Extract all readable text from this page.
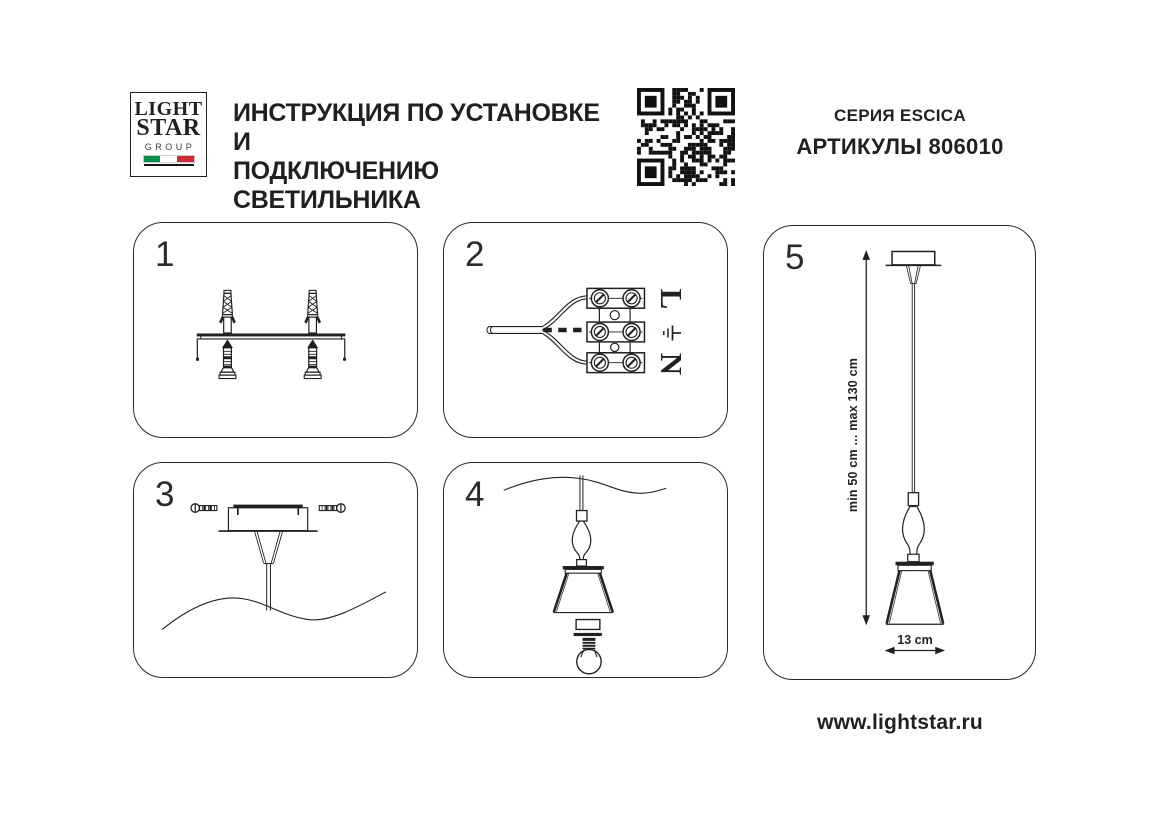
LIGHT
STAR
GROUP
ИНСТРУКЦИЯ ПО УСТАНОВКЕ И
ПОДКЛЮЧЕНИЮ СВЕТИЛЬНИКА
СЕРИЯ ESCICA
АРТИКУЛЫ 806010
1	2
L
N
3	4
5
min 50 cm ... max 130 cm
13 cm
www.lightstar.ru
